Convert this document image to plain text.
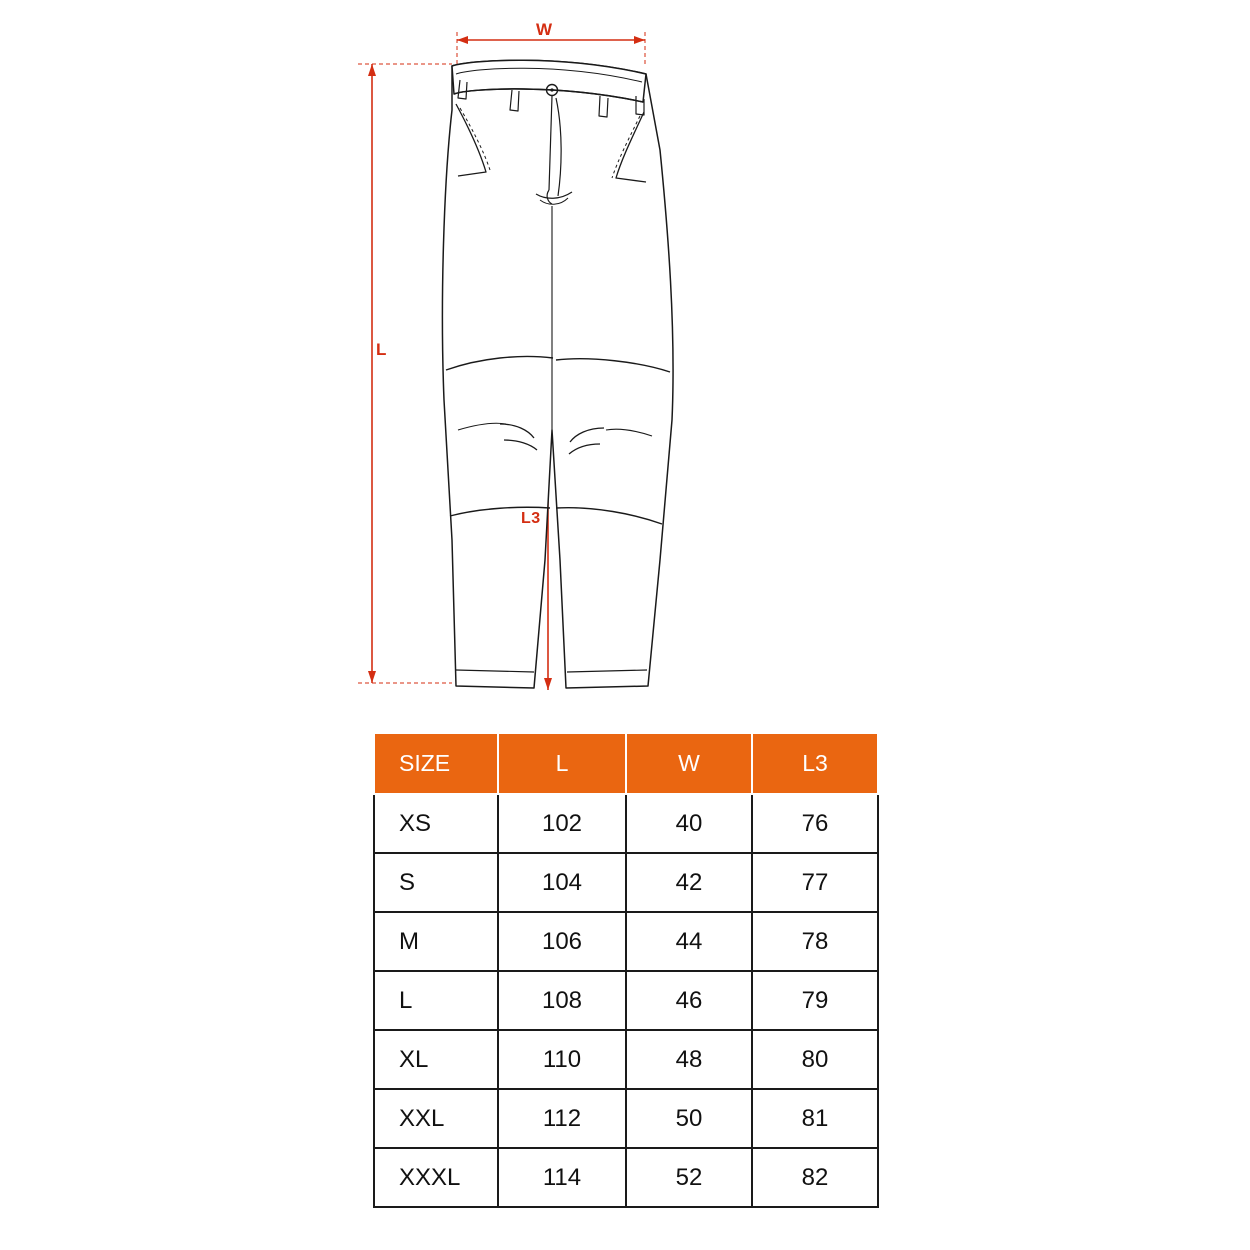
W
L
L3
SIZE	L	W	L3
XS	102	40	76
S	104	42	77
M	106	44	78
L	108	46	79
XL	110	48	80
XXL	112	50	81
XXXL	114	52	82
